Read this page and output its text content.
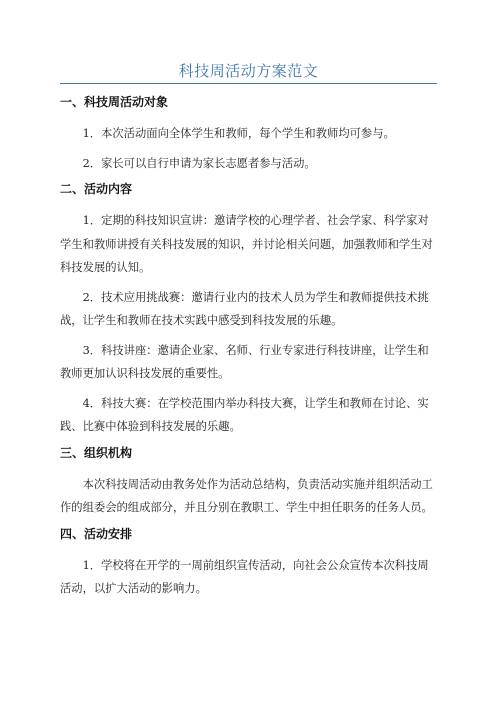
科技周活动方案范文
一、科技周活动对象

1．本次活动面向全体学生和教师，每个学生和教师均可参与。

2．家长可以自行申请为家长志愿者参与活动。

二、活动内容

1．定期的科技知识宣讲：邀请学校的心理学者、社会学家、科学家对学生和教师讲授有关科技发展的知识，并讨论相关问题，加强教师和学生对科技发展的认知。

2．技术应用挑战赛：邀请行业内的技术人员为学生和教师提供技术挑战，让学生和教师在技术实践中感受到科技发展的乐趣。

3．科技讲座：邀请企业家、名师、行业专家进行科技讲座，让学生和教师更加认识科技发展的重要性。

4．科技大赛：在学校范围内举办科技大赛，让学生和教师在讨论、实践、比赛中体验到科技发展的乐趣。

三、组织机构

本次科技周活动由教务处作为活动总结构，负责活动实施并组织活动工作的组委会的组成部分，并且分别在教职工、学生中担任职务的任务人员。

四、活动安排

1．学校将在开学的一周前组织宣传活动，向社会公众宣传本次科技周活动，以扩大活动的影响力。
